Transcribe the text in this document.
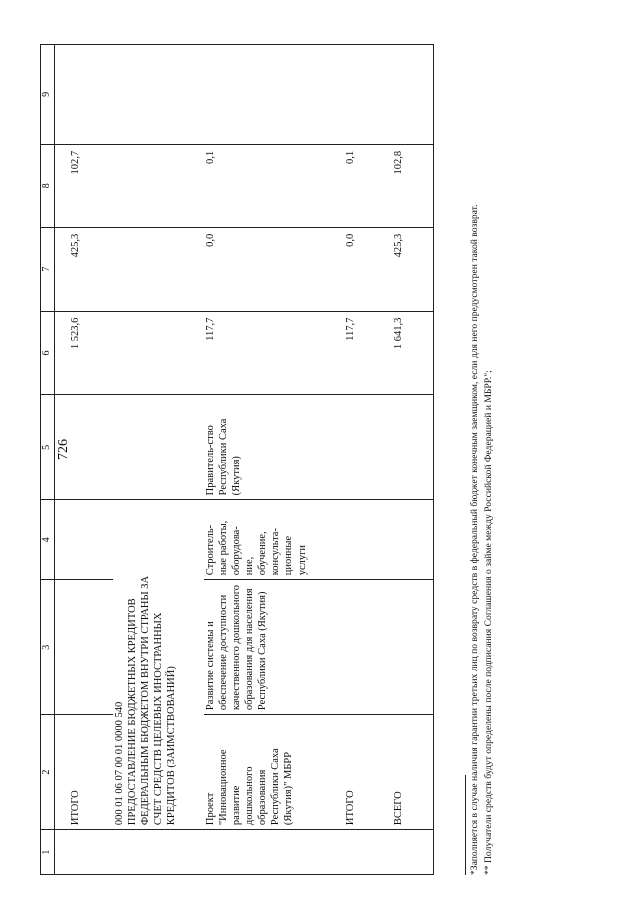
726
1	2	3	4	5	6	7	8	9
	ИТОГО				1 523,6	425,3	102,7	
	000 01 06 07 00 01 0000 540							
	ПРЕДОСТАВЛЕНИЕ БЮДЖЕТНЫХ КРЕДИТОВ ФЕДЕРАЛЬНЫМ БЮДЖЕТОМ ВНУТРИ СТРАНЫ ЗА СЧЕТ СРЕДСТВ ЦЕЛЕВЫХ ИНОСТРАННЫХ КРЕДИТОВ (ЗАИМСТВОВАНИЙ)							
	Проект "Инновационное развитие дошкольного образования Республики Саха (Якутия)" МБРР	Развитие системы и обеспечение доступности качественного дошкольного образования для населения Республики Саха (Якутия)	Строитель-ные работы, оборудова-ние, обучение, консульта-ционные услуги	Правитель-ство Республики Саха (Якутия)	117,7	0,0	0,1	
	ИТОГО				117,7	0,0	0,1	
	ВСЕГО				1 641,3	425,3	102,8	

*Заполняется в случае наличия гарантии третьих лиц по возврату средств в федеральный бюджет конечным заемщиком, если для него предусмотрен такой возврат. ** Получатели средств будут определены после подписания Соглашения о займе между Российской Федерацией и МБРР.";
